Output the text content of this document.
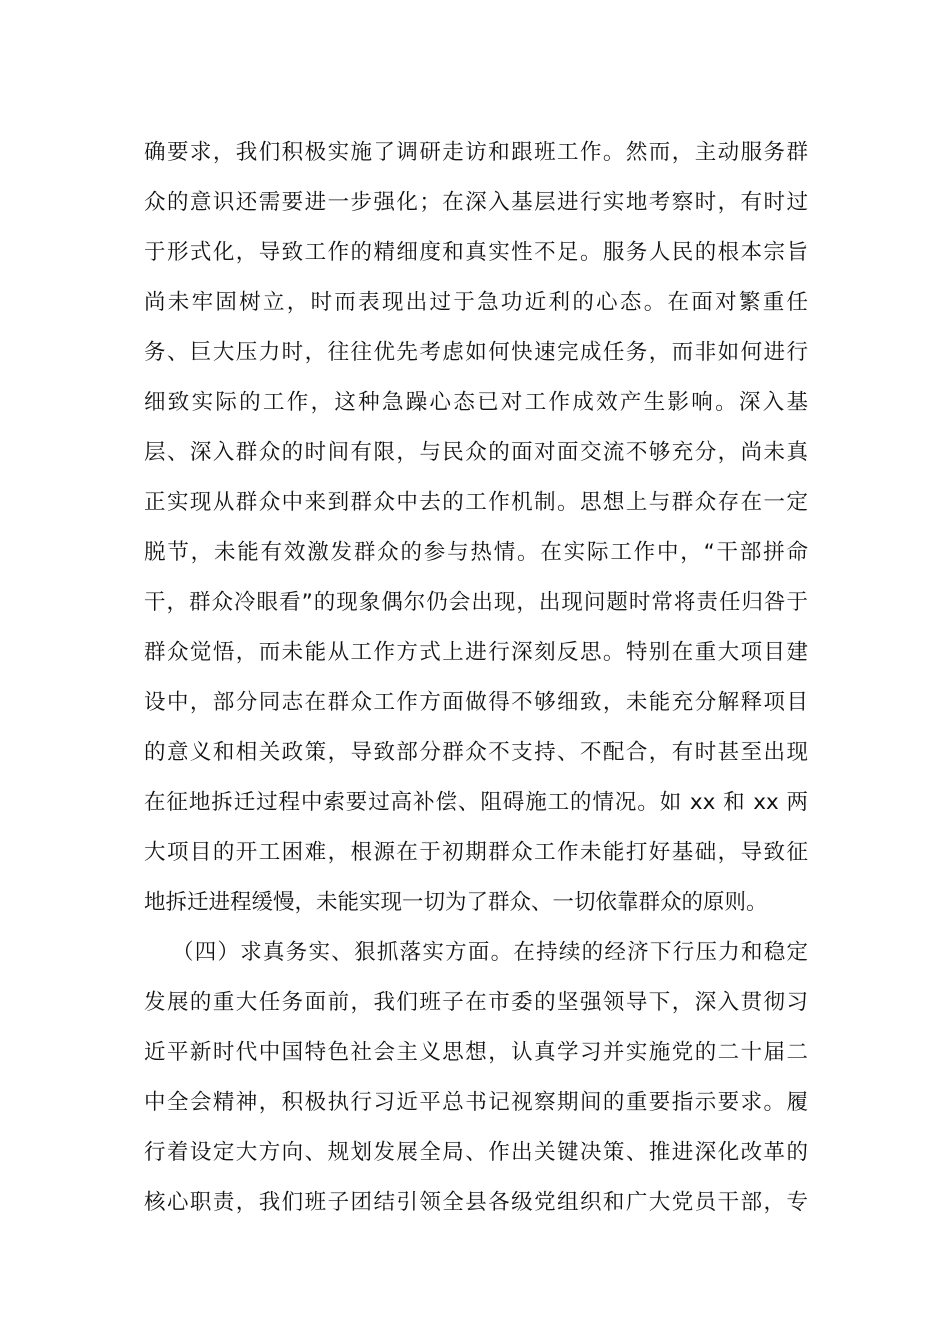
确要求，我们积极实施了调研走访和跟班工作。然而，主动服务群
众的意识还需要进一步强化；在深入基层进行实地考察时，有时过
于形式化，导致工作的精细度和真实性不足。服务人民的根本宗旨
尚未牢固树立，时而表现出过于急功近利的心态。在面对繁重任
务、巨大压力时，往往优先考虑如何快速完成任务，而非如何进行
细致实际的工作，这种急躁心态已对工作成效产生影响。深入基
层、深入群众的时间有限，与民众的面对面交流不够充分，尚未真
正实现从群众中来到群众中去的工作机制。思想上与群众存在一定
脱节，未能有效激发群众的参与热情。在实际工作中，“干部拼命
干，群众冷眼看”的现象偶尔仍会出现，出现问题时常将责任归咎于
群众觉悟，而未能从工作方式上进行深刻反思。特别在重大项目建
设中，部分同志在群众工作方面做得不够细致，未能充分解释项目
的意义和相关政策，导致部分群众不支持、不配合，有时甚至出现
在征地拆迁过程中索要过高补偿、阻碍施工的情况。如 xx 和 xx 两
大项目的开工困难，根源在于初期群众工作未能打好基础，导致征
地拆迁进程缓慢，未能实现一切为了群众、一切依靠群众的原则。
（四）求真务实、狠抓落实方面。在持续的经济下行压力和稳定
发展的重大任务面前，我们班子在市委的坚强领导下，深入贯彻习
近平新时代中国特色社会主义思想，认真学习并实施党的二十届二
中全会精神，积极执行习近平总书记视察期间的重要指示要求。履
行着设定大方向、规划发展全局、作出关键决策、推进深化改革的
核心职责，我们班子团结引领全县各级党组织和广大党员干部，专
